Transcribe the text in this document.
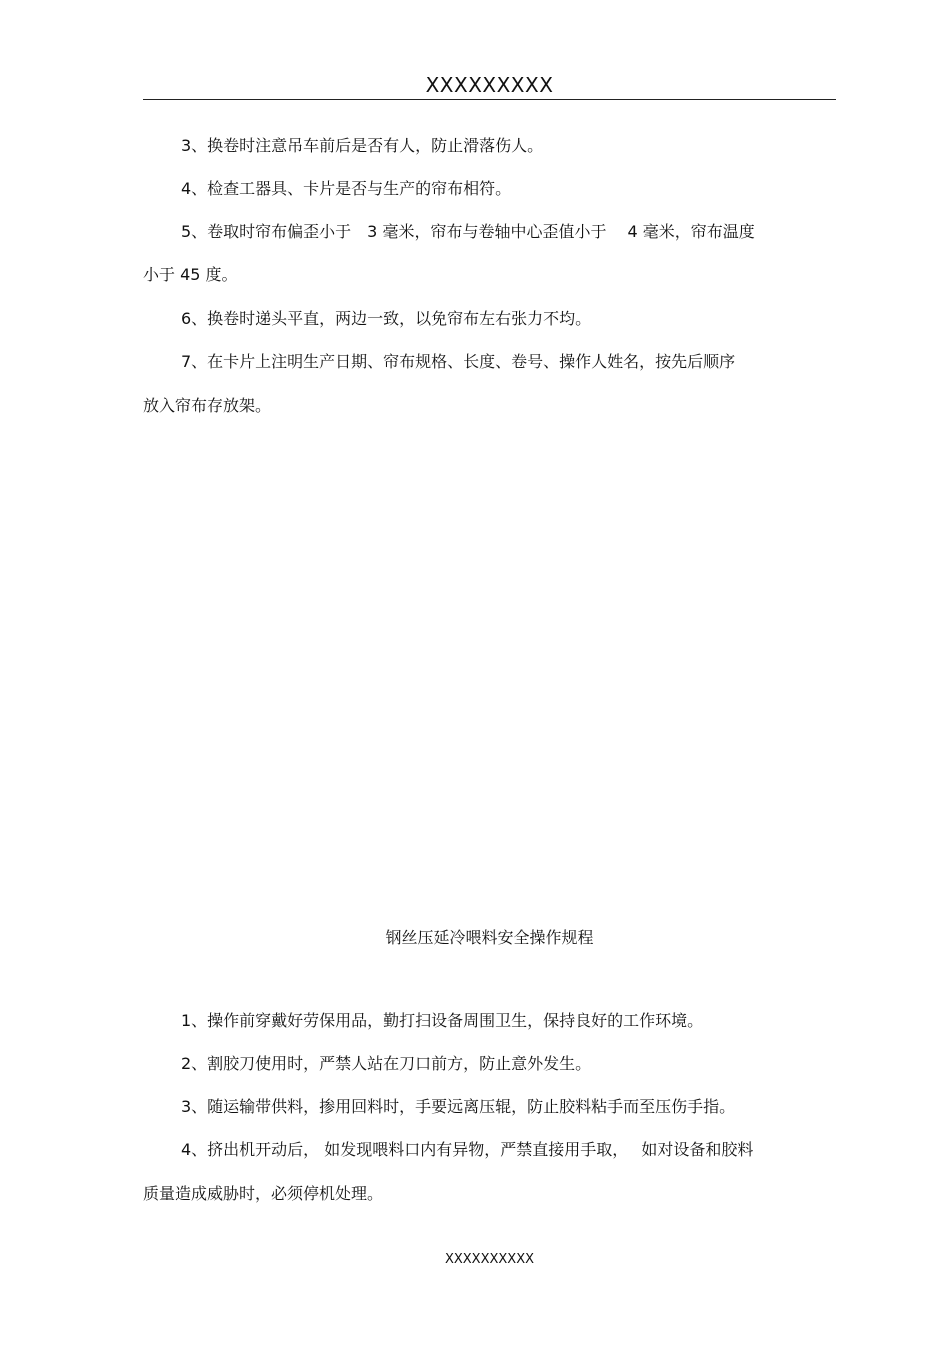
XXXXXXXXX
3、换卷时注意吊车前后是否有人，防止滑落伤人。
4、检查工器具、卡片是否与生产的帘布相符。
5、卷取时帘布偏歪小于　3 毫米，帘布与卷轴中心歪值小于　 4 毫米，帘布温度
小于 45 度。
6、换卷时递头平直，两边一致，以免帘布左右张力不均。
7、在卡片上注明生产日期、帘布规格、长度、卷号、操作人姓名，按先后顺序
放入帘布存放架。
钢丝压延冷喂料安全操作规程
1、操作前穿戴好劳保用品，勤打扫设备周围卫生，保持良好的工作环境。
2、割胶刀使用时，严禁人站在刀口前方，防止意外发生。
3、随运输带供料，掺用回料时，手要远离压辊，防止胶料粘手而至压伤手指。
4、挤出机开动后， 如发现喂料口内有异物，严禁直接用手取，　 如对设备和胶料
质量造成威胁时，必须停机处理。
XXXXXXXXXX
